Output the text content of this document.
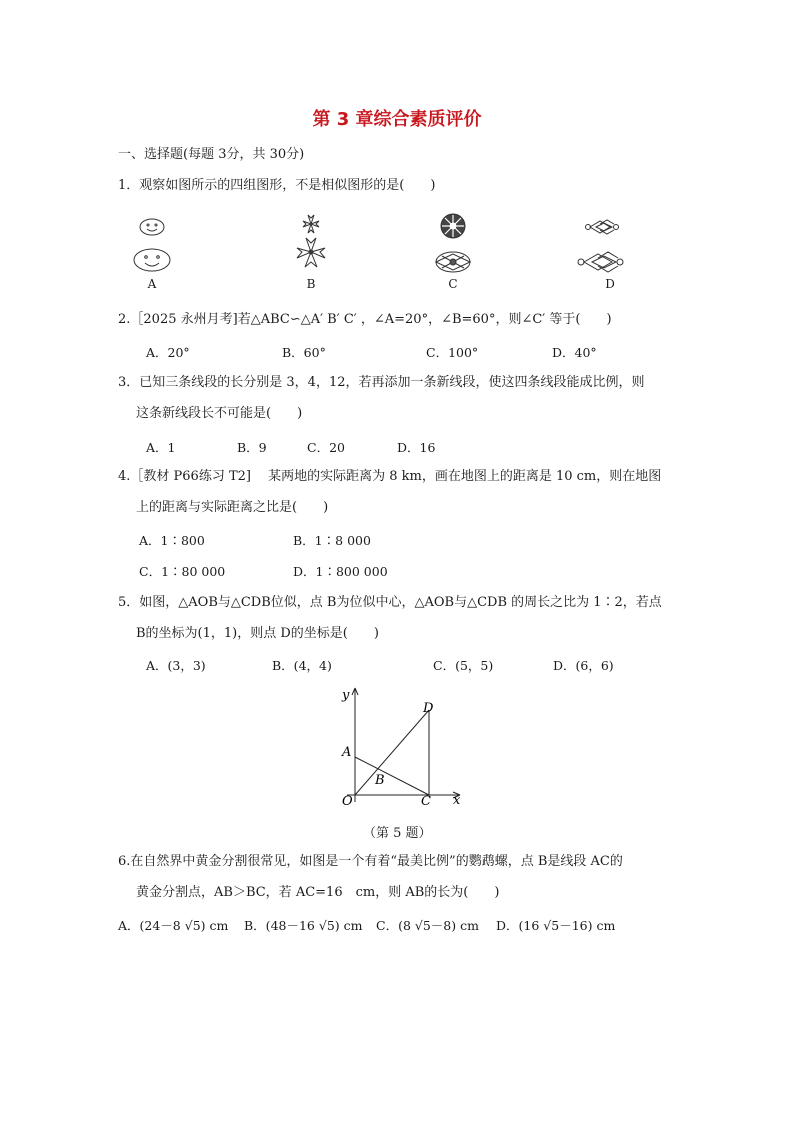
第 3 章综合素质评价
一、选择题(每题 3分，共 30分)
1．观察如图所示的四组图形，不是相似图形的是(　　)
A	B	C	D
2.［2025 永州月考]若△ABC∽△A′ B′ C′ ，∠A=20°，∠B=60°，则∠C′ 等于(　　)
A．20°	B．60°	C．100°	D．40°
3．已知三条线段的长分别是 3，4，12，若再添加一条新线段，使这四条线段能成比例，则
这条新线段长不可能是(　　)
A．1	B．9	C．20	D．16
4.［教材 P66练习 T2]　 某两地的实际距离为 8 km，画在地图上的距离是 10 cm，则在地图
上的距离与实际距离之比是(　　)
A．1∶800	B．1∶8 000
C．1∶80 000	D．1∶800 000
5．如图，△AOB与△CDB位似，点 B为位似中心，△AOB与△CDB 的周长之比为 1∶2，若点
B的坐标为(1，1)，则点 D的坐标是(　　)
A．(3，3)	B．(4，4)	C．(5，5)	D．(6，6)
y
x
O
A
B
C
D
（第 5 题）
6.在自然界中黄金分割很常见，如图是一个有着“最美比例”的鹦鹉螺，点 B是线段 AC的
黄金分割点，AB＞BC，若 AC=16　cm，则 AB的长为(　　)
A．(24－8 √5) cm B．(48－16 √5) cm C．(8 √5－8) cm D．(16 √5－16) cm
